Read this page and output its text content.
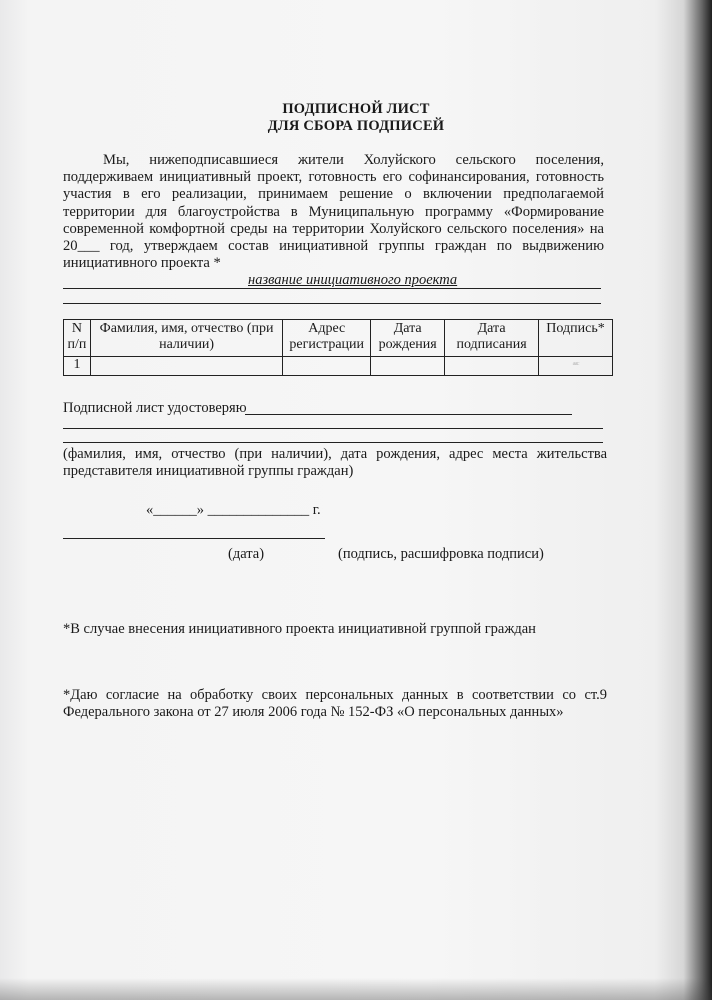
ПОДПИСНОЙ ЛИСТ
ДЛЯ СБОРА ПОДПИСЕЙ

Мы, нижеподписавшиеся жители Холуйского сельского поселения, поддерживаем инициативный проект, готовность его софинансирования, готовность участия в его реализации, принимаем решение о включении предполагаемой территории для благоустройства в Муниципальную программу «Формирование современной комфортной среды на территории Холуйского сельского поселения» на 20___ год, утверждаем состав инициативной группы граждан по выдвижению инициативного проекта *

название инициативного проекта
N п/п	Фамилия, имя, отчество (при наличии)	Адрес регистрации	Дата рождения	Дата подписания	Подпись*
1					ᵃᵃᶜ
Подписной лист удостоверяю

(фамилия, имя, отчество (при наличии), дата рождения, адрес места жительства представителя инициативной группы граждан)

«______» ______________ г.
(дата)	(подпись, расшифровка подписи)

*В случае внесения инициативного проекта инициативной группой граждан

*Даю согласие на обработку своих персональных данных в соответствии со ст.9 Федерального закона от 27 июля 2006 года № 152-ФЗ «О персональных данных»
